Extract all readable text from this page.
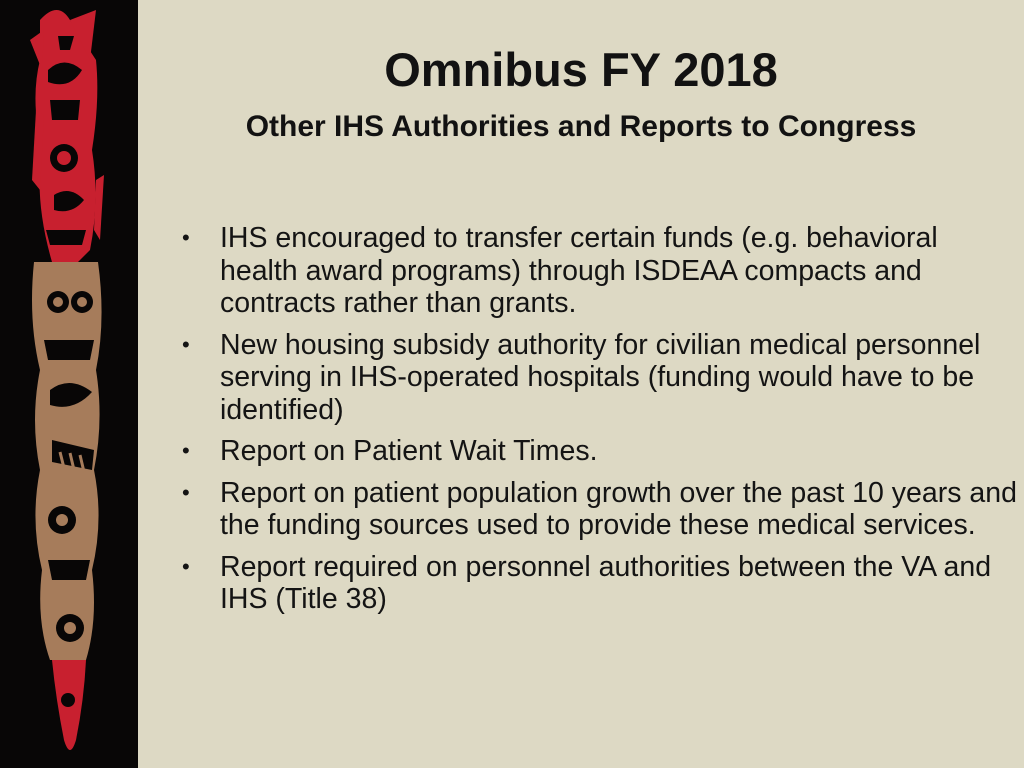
Omnibus FY 2018
Other IHS Authorities and Reports to Congress
• IHS encouraged to transfer certain funds (e.g. behavioral health award programs) through ISDEAA compacts and contracts rather than grants.
• New housing subsidy authority for civilian medical personnel serving in IHS-operated hospitals (funding would have to be identified)
• Report on Patient Wait Times.
• Report on patient population growth over the past 10 years and the funding sources used to provide these medical services.
• Report required on personnel authorities between the VA and IHS (Title 38)
